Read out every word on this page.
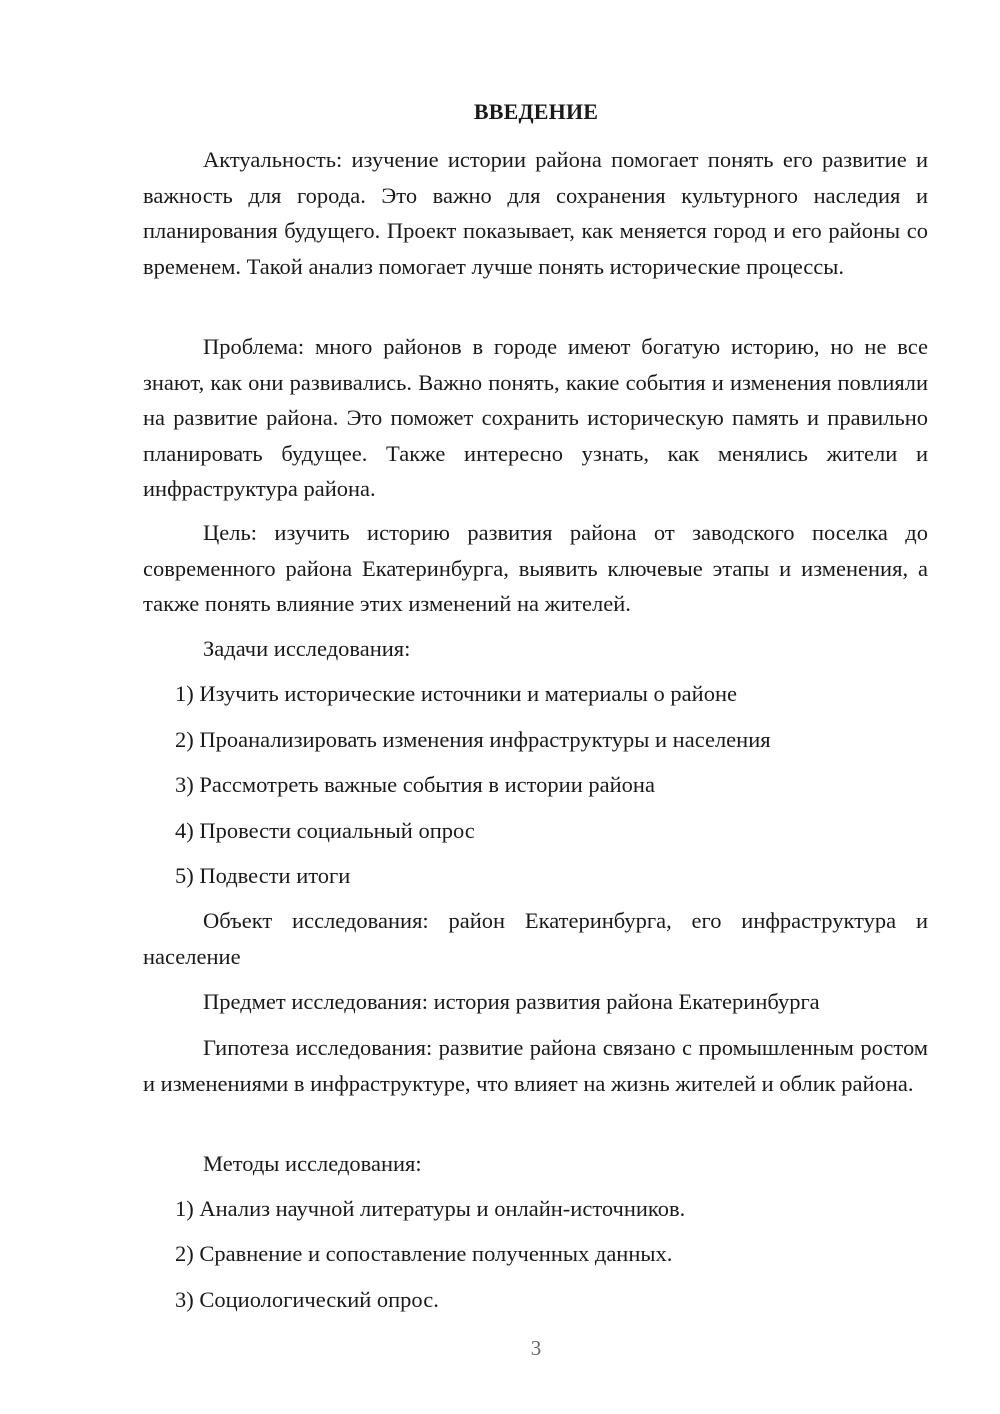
ВВЕДЕНИЕ

Актуальность: изучение истории района помогает понять его развитие и важность для города. Это важно для сохранения культурного наследия и планирования будущего. Проект показывает, как меняется город и его районы со временем. Такой анализ помогает лучше понять исторические процессы.

Проблема: много районов в городе имеют богатую историю, но не все знают, как они развивались. Важно понять, какие события и изменения повлияли на развитие района. Это поможет сохранить историческую память и правильно планировать будущее. Также интересно узнать, как менялись жители и инфраструктура района.

Цель: изучить историю развития района от заводского поселка до современного района Екатеринбурга, выявить ключевые этапы и изменения, а также понять влияние этих изменений на жителей.

Задачи исследования:

1) Изучить исторические источники и материалы о районе

2) Проанализировать изменения инфраструктуры и населения

3) Рассмотреть важные события в истории района

4) Провести социальный опрос

5) Подвести итоги

Объект исследования: район Екатеринбурга, его инфраструктура и население

Предмет исследования: история развития района Екатеринбурга

Гипотеза исследования: развитие района связано с промышленным ростом и изменениями в инфраструктуре, что влияет на жизнь жителей и облик района.

Методы исследования:

1) Анализ научной литературы и онлайн-источников.

2) Сравнение и сопоставление полученных данных.

3) Социологический опрос.

3
